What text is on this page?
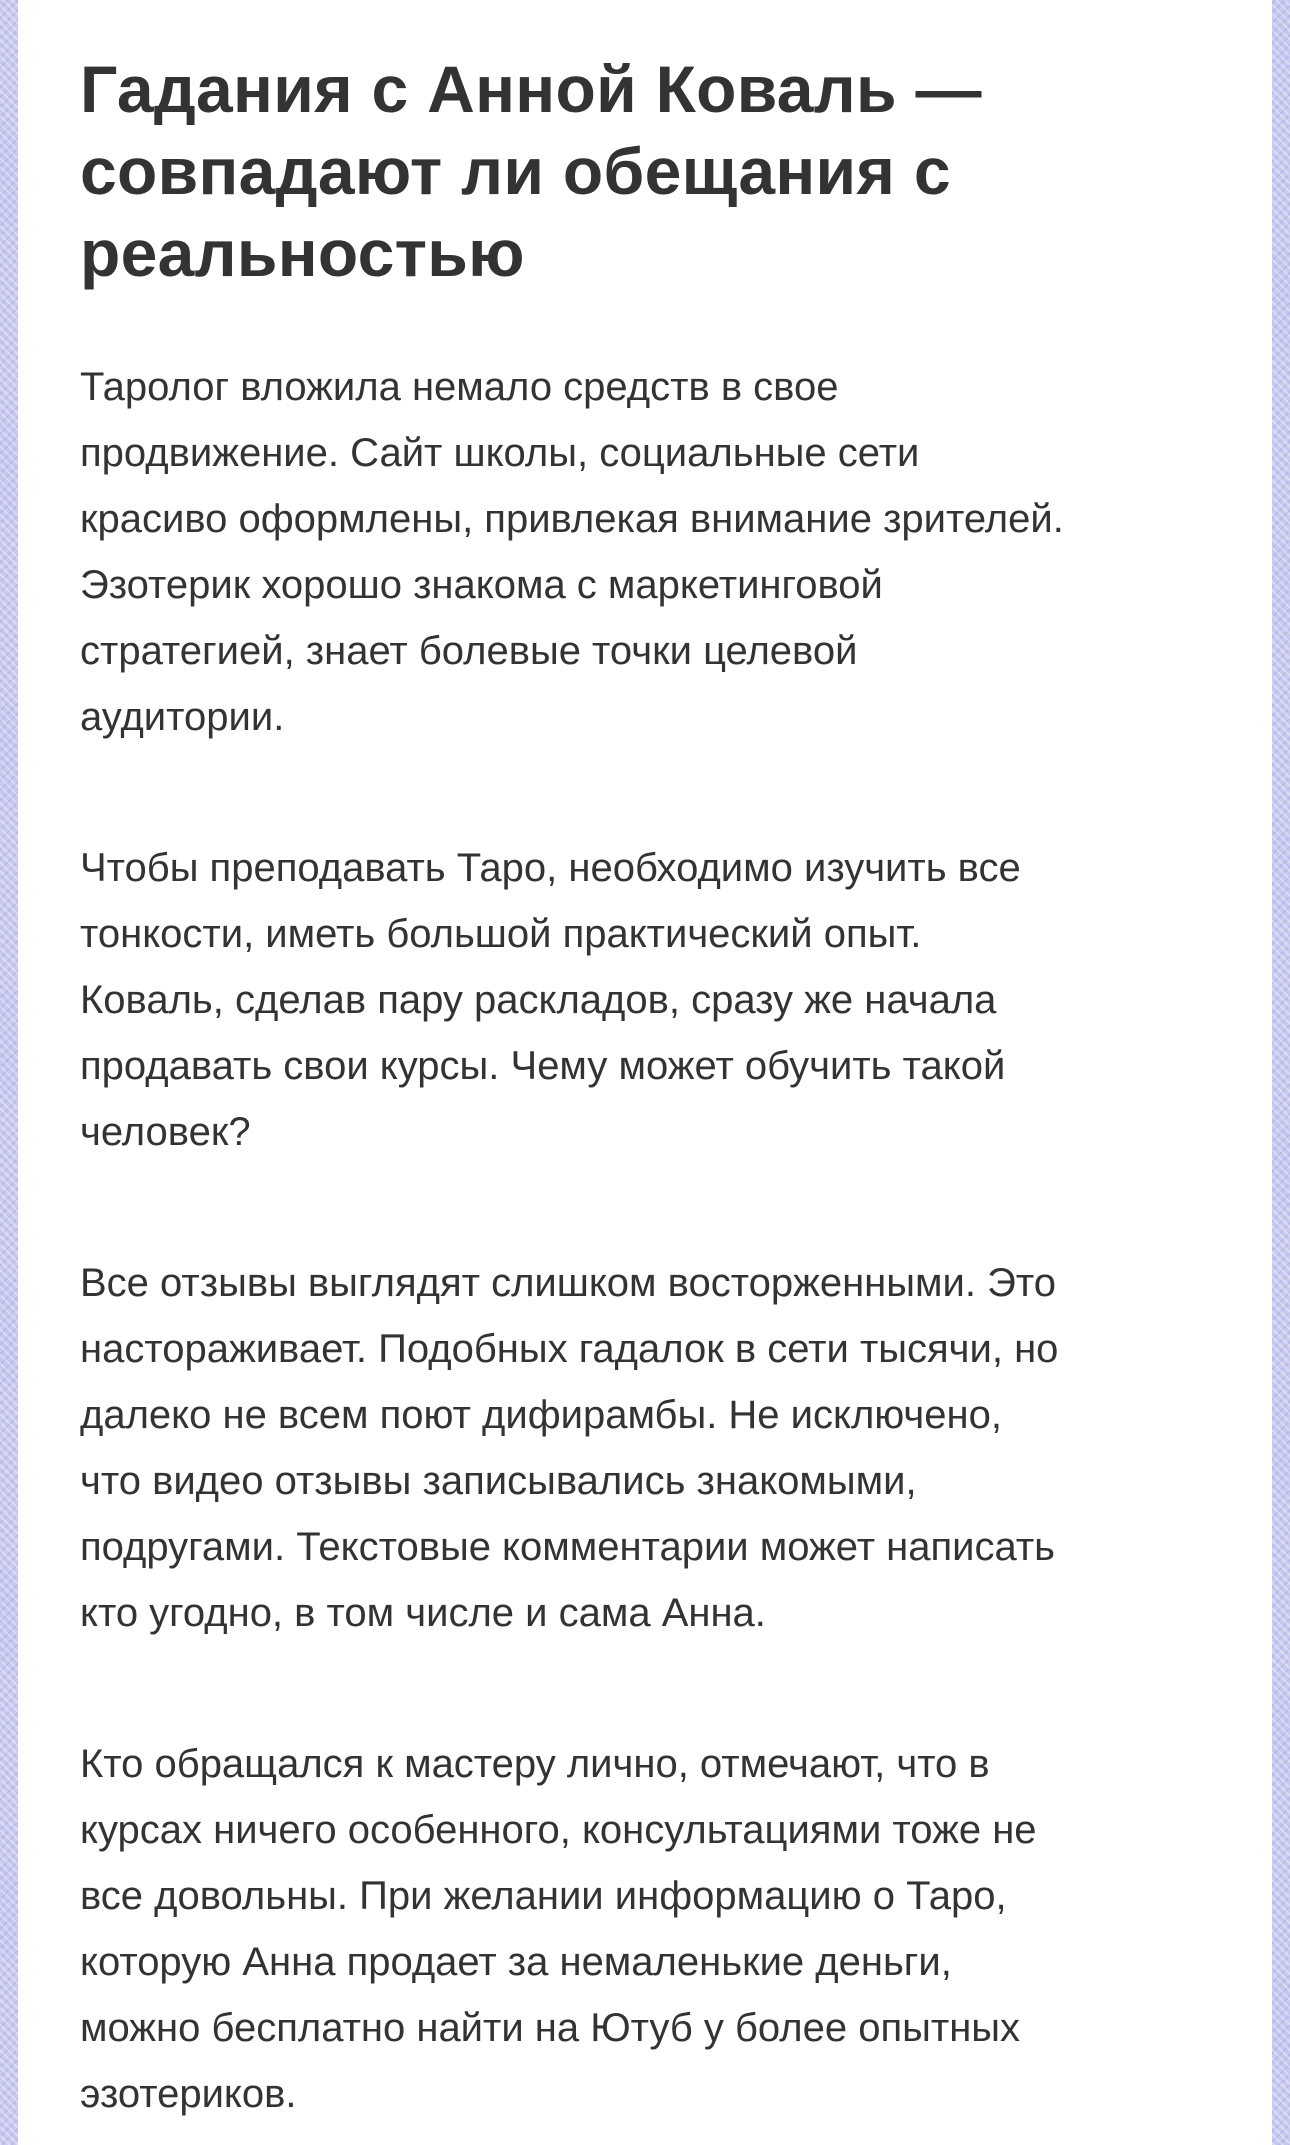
Гадания с Анной Коваль —
совпадают ли обещания с
реальностью

Таролог вложила немало средств в свое
продвижение. Сайт школы, социальные сети
красиво оформлены, привлекая внимание зрителей.
Эзотерик хорошо знакома с маркетинговой
стратегией, знает болевые точки целевой
аудитории.

Чтобы преподавать Таро, необходимо изучить все
тонкости, иметь большой практический опыт.
Коваль, сделав пару раскладов, сразу же начала
продавать свои курсы. Чему может обучить такой
человек?

Все отзывы выглядят слишком восторженными. Это
настораживает. Подобных гадалок в сети тысячи, но
далеко не всем поют дифирамбы. Не исключено,
что видео отзывы записывались знакомыми,
подругами. Текстовые комментарии может написать
кто угодно, в том числе и сама Анна.

Кто обращался к мастеру лично, отмечают, что в
курсах ничего особенного, консультациями тоже не
все довольны. При желании информацию о Таро,
которую Анна продает за немаленькие деньги,
можно бесплатно найти на Ютуб у более опытных
эзотериков.
